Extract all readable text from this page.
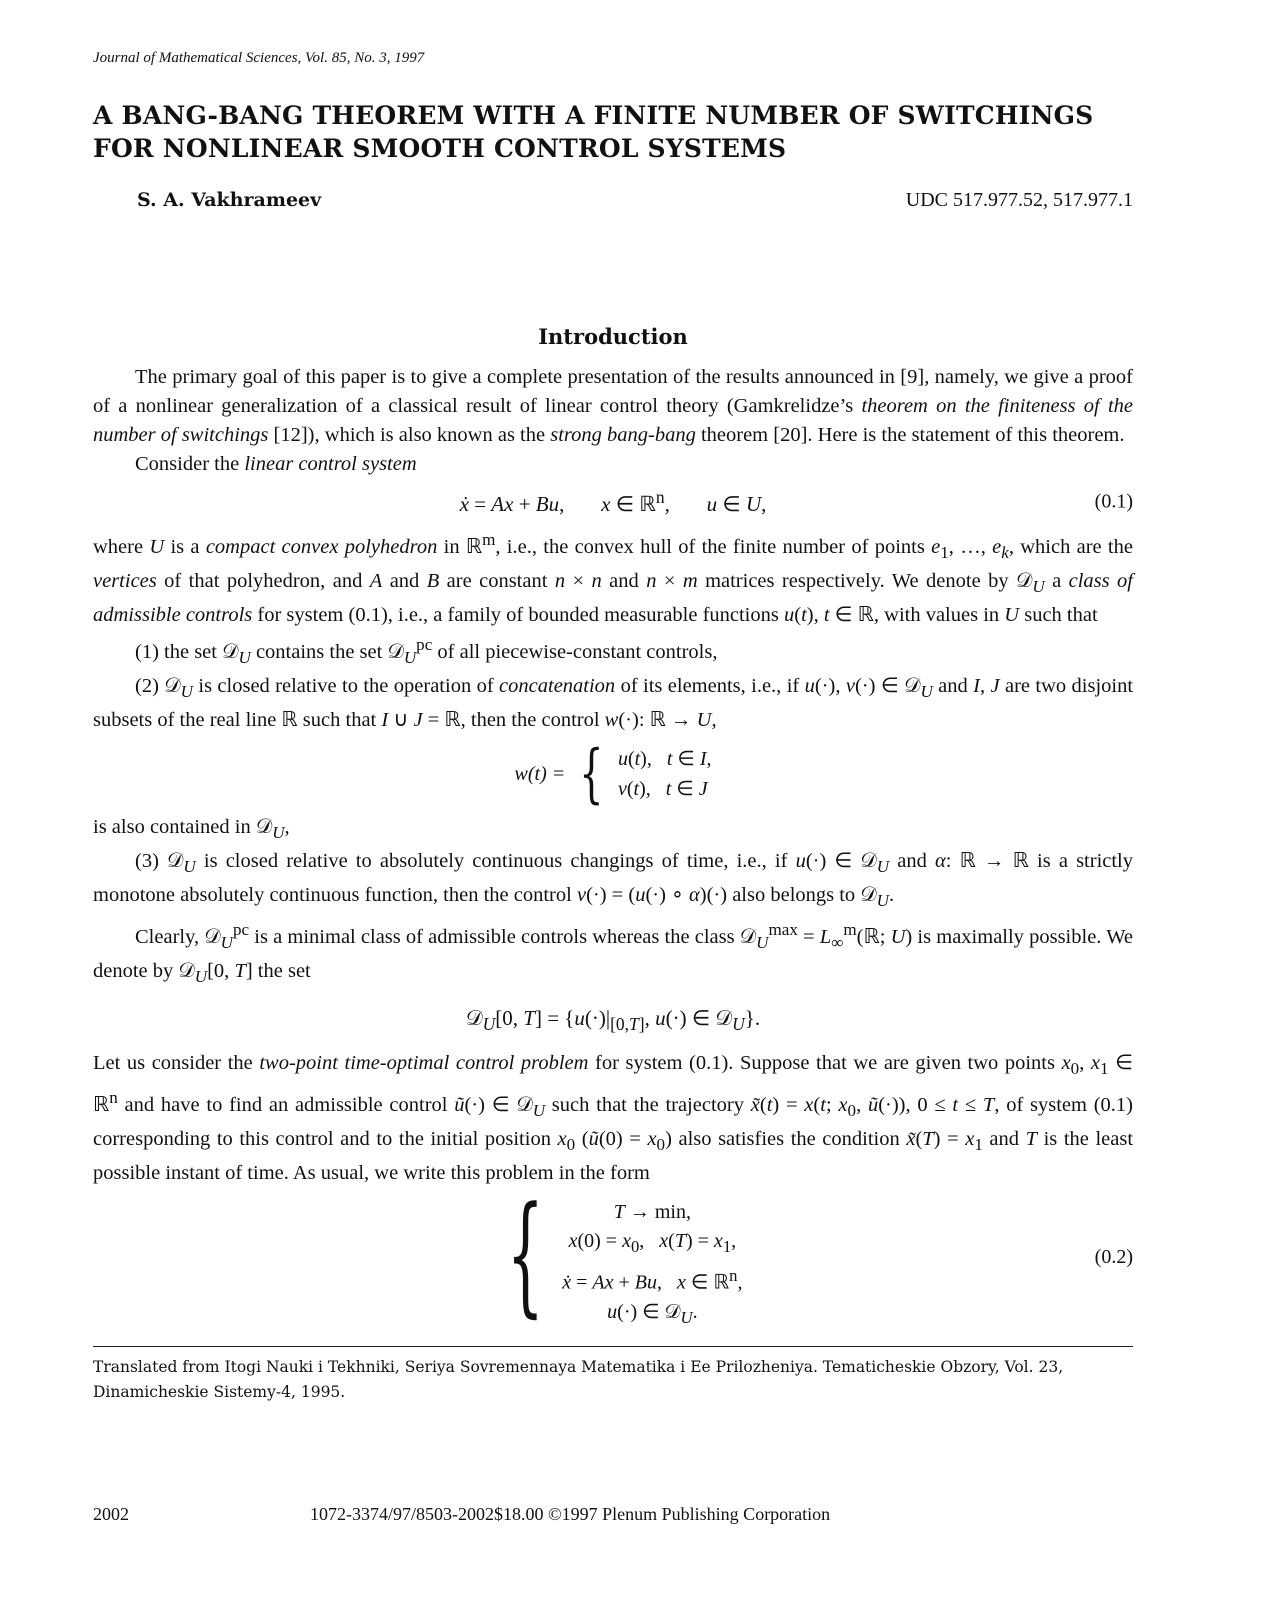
Journal of Mathematical Sciences, Vol. 85, No. 3, 1997

A BANG-BANG THEOREM WITH A FINITE NUMBER OF SWITCHINGS
FOR NONLINEAR SMOOTH CONTROL SYSTEMS
S. A. Vakhrameev	UDC 517.977.52, 517.977.1
Introduction

The primary goal of this paper is to give a complete presentation of the results announced in [9], namely, we give a proof of a nonlinear generalization of a classical result of linear control theory (Gamkrelidze’s theorem on the finiteness of the number of switchings [12]), which is also known as the strong bang-bang theorem [20]. Here is the statement of this theorem.

Consider the linear control system

ẋ = Ax + Bu,       x ∈ ℝ$^n$,       u ∈ U,	(0.1)

where U is a compact convex polyhedron in ℝ$^m$, i.e., the convex hull of the finite number of points $e_1$, …, $e_k$, which are the vertices of that polyhedron, and A and B are constant n × n and n × m matrices respectively. We denote by 𝒟$_U$ a class of admissible controls for system (0.1), i.e., a family of bounded measurable functions u(t), t ∈ ℝ, with values in U such that

(1) the set 𝒟$_U$ contains the set 𝒟$_U^{pc}$ of all piecewise-constant controls,

(2) 𝒟$_U$ is closed relative to the operation of concatenation of its elements, i.e., if u(·), v(·) ∈ 𝒟$_U$ and I, J are two disjoint subsets of the real line ℝ such that I ∪ J = ℝ, then the control w(·): ℝ → U,

w(t) = { u(t),   t ∈ I,
v(t),   t ∈ J

is also contained in 𝒟$_U$,

(3) 𝒟$_U$ is closed relative to absolutely continuous changings of time, i.e., if u(·) ∈ 𝒟$_U$ and α: ℝ → ℝ is a strictly monotone absolutely continuous function, then the control v(·) = (u(·) ∘ α)(·) also belongs to 𝒟$_U$.

Clearly, 𝒟$_U^{pc}$ is a minimal class of admissible controls whereas the class 𝒟$_U^{max}$ = $L_\infty^m(ℝ$; U) is maximally possible. We denote by 𝒟$_U$[0, T] the set

𝒟$_U$[0, $T] = \{u(\cdot)|_{[0,T]}$, u(·) ∈ 𝒟$_U$}.

Let us consider the two-point time-optimal control problem for system (0.1). Suppose that we are given two points $x_0$, $x_1$ ∈ ℝ$^n$ and have to find an admissible control ũ(·) ∈ 𝒟$_U$ such that the trajectory x̃(t) = x(t; $x_0$, ũ(·)), 0 ≤ t ≤ T, of system (0.1) corresponding to this control and to the initial position $x_0$ (ũ(0) = $x_0$) also satisfies the condition x̃(T) = $x_1$ and T is the least possible instant of time. As usual, we write this problem in the form

{	T → min,
$x(0) = x_0$,   $x(T) = x_1$,
ẋ = Ax + Bu,   x ∈ ℝ$^n$,
u(·) ∈ 𝒟$_U$.
(0.2)
Translated from Itogi Nauki i Tekhniki, Seriya Sovremennaya Matematika i Ee Prilozheniya. Tematicheskie Obzory, Vol. 23, Dinamicheskie Sistemy-4, 1995.
2002	1072-3374/97/8503-2002$18.00 ©1997 Plenum Publishing Corporation
